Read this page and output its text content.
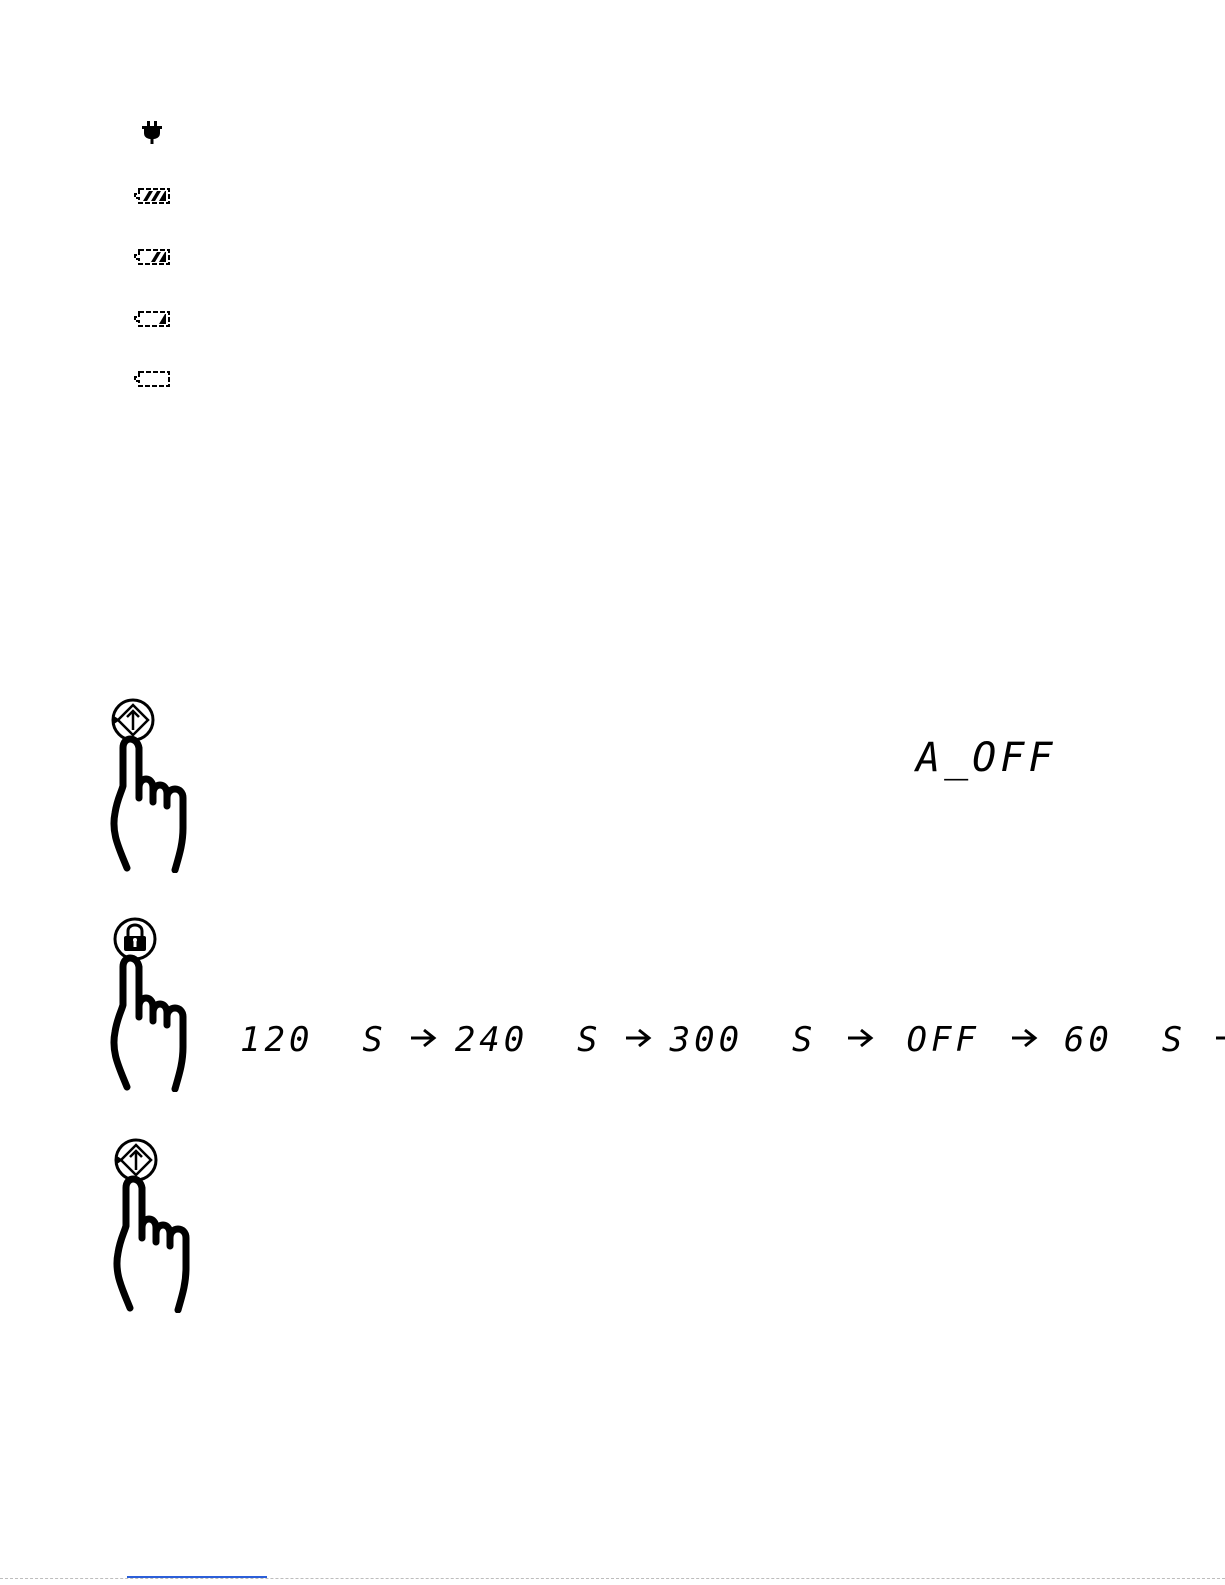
A_OFF
120  S 240  S 300  S	OFF 60  S
